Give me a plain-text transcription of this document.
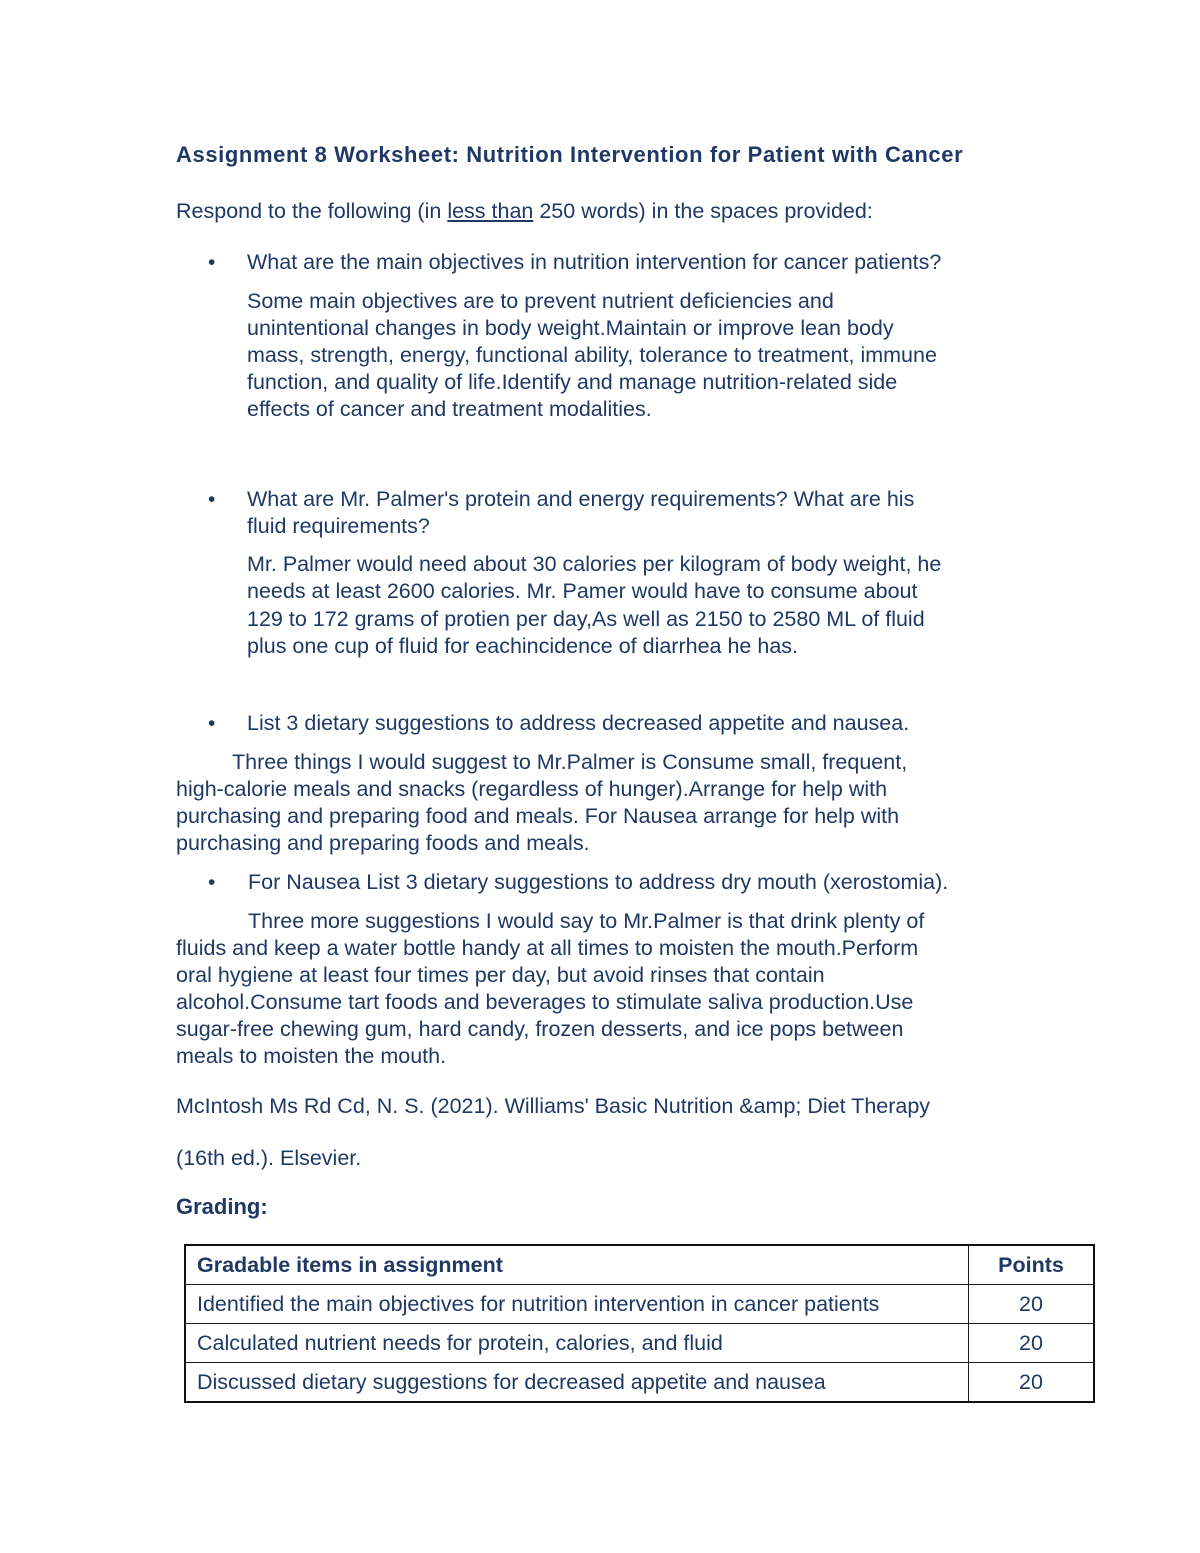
Assignment 8 Worksheet: Nutrition Intervention for Patient with Cancer
Respond to the following (in less than 250 words) in the spaces provided:
• What are the main objectives in nutrition intervention for cancer patients?
Some main objectives are to prevent nutrient deficiencies and
unintentional changes in body weight.Maintain or improve lean body
mass, strength, energy, functional ability, tolerance to treatment, immune
function, and quality of life.Identify and manage nutrition-related side
effects of cancer and treatment modalities.
• What are Mr. Palmer's protein and energy requirements? What are his
fluid requirements?
Mr. Palmer would need about 30 calories per kilogram of body weight, he
needs at least 2600 calories. Mr. Pamer would have to consume about
129 to 172 grams of protien per day,As well as 2150 to 2580 ML of fluid
plus one cup of fluid for eachincidence of diarrhea he has.
• List 3 dietary suggestions to address decreased appetite and nausea.
Three things I would suggest to Mr.Palmer is Consume small, frequent,
high-calorie meals and snacks (regardless of hunger).Arrange for help with
purchasing and preparing food and meals. For Nausea arrange for help with
purchasing and preparing foods and meals.
• For Nausea List 3 dietary suggestions to address dry mouth (xerostomia).
Three more suggestions I would say to Mr.Palmer is that drink plenty of
fluids and keep a water bottle handy at all times to moisten the mouth.Perform
oral hygiene at least four times per day, but avoid rinses that contain
alcohol.Consume tart foods and beverages to stimulate saliva production.Use
sugar-free chewing gum, hard candy, frozen desserts, and ice pops between
meals to moisten the mouth.
McIntosh Ms Rd Cd, N. S. (2021). Williams' Basic Nutrition &amp; Diet Therapy
(16th ed.). Elsevier.
Grading:
Gradable items in assignment	Points
Identified the main objectives for nutrition intervention in cancer patients	20
Calculated nutrient needs for protein, calories, and fluid	20
Discussed dietary suggestions for decreased appetite and nausea	20
